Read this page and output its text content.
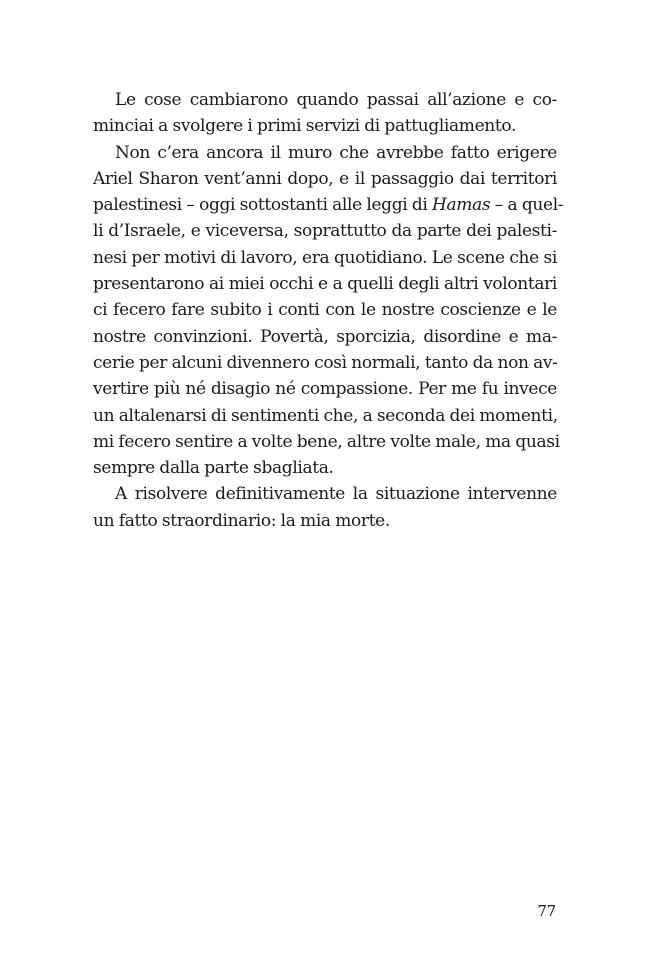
Le cose cambiarono quando passai all’azione e co-
minciai a svolgere i primi servizi di pattugliamento.
Non c’era ancora il muro che avrebbe fatto erigere
Ariel Sharon vent’anni dopo, e il passaggio dai territori
palestinesi – oggi sottostanti alle leggi di Hamas – a quel-
li d’Israele, e viceversa, soprattutto da parte dei palesti-
nesi per motivi di lavoro, era quotidiano. Le scene che si
presentarono ai miei occhi e a quelli degli altri volontari
ci fecero fare subito i conti con le nostre coscienze e le
nostre convinzioni. Povertà, sporcizia, disordine e ma-
cerie per alcuni divennero così normali, tanto da non av-
vertire più né disagio né compassione. Per me fu invece
un altalenarsi di sentimenti che, a seconda dei momenti,
mi fecero sentire a volte bene, altre volte male, ma quasi
sempre dalla parte sbagliata.
A risolvere definitivamente la situazione intervenne
un fatto straordinario: la mia morte.
77
